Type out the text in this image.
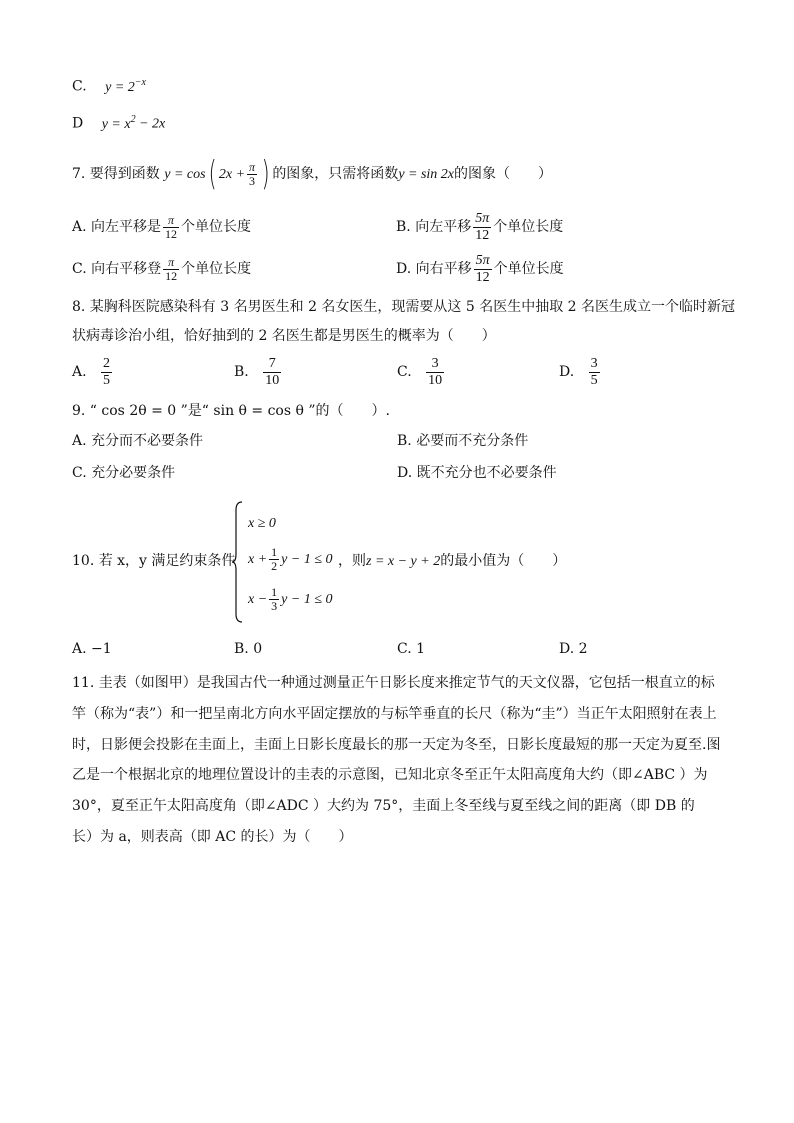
C. $y = 2^{-x}$
D $y = x^2 - 2x$
7. 要得到函数 y = cos( $2x + \frac{\pi}{3}$ ) 的图象，只需将函数y = sin 2x的图象（　　）
A. 向左平移是 $\frac{\pi}{12}$ 个单位长度	B. 向左平移 $\frac{5\pi}{12}$ 个单位长度
C. 向右平移登 $\frac{\pi}{12}$ 个单位长度	D. 向右平移 $\frac{5\pi}{12}$ 个单位长度
8. 某胸科医院感染科有 3 名男医生和 2 名女医生，现需要从这 5 名医生中抽取 2 名医生成立一个临时新冠
状病毒诊治小组，恰好抽到的 2 名医生都是男医生的概率为（　　）
A. $\frac{2}{5}$	B. $\frac{7}{10}$	C. $\frac{3}{10}$	D. $\frac{3}{5}$
9. “ cos 2θ = 0 ”是“ sin θ = cos θ ”的（　　）.
A. 充分而不必要条件	B. 必要而不充分条件
C. 充分必要条件	D. 既不充分也不必要条件
10. 若 x，y 满足约束条件
x ≥ 0
$x + \frac{1}{2}$ y − 1 ≤ 0
$x - \frac{1}{3}$ y − 1 ≤ 0
，则z = x − y + 2的最小值为（　　）
A. −1	B. 0	C. 1	D. 2
11. 圭表（如图甲）是我国古代一种通过测量正午日影长度来推定节气的天文仪器，它包括一根直立的标
竿（称为“表”）和一把呈南北方向水平固定摆放的与标竿垂直的长尺（称为“圭”）当正午太阳照射在表上
时，日影便会投影在圭面上，圭面上日影长度最长的那一天定为冬至，日影长度最短的那一天定为夏至.图
乙是一个根据北京的地理位置设计的圭表的示意图，已知北京冬至正午太阳高度角大约（即∠ABC ）为
30°，夏至正午太阳高度角（即∠ADC ）大约为 75°，圭面上冬至线与夏至线之间的距离（即 DB 的
长）为 a，则表高（即 AC 的长）为（　　）
